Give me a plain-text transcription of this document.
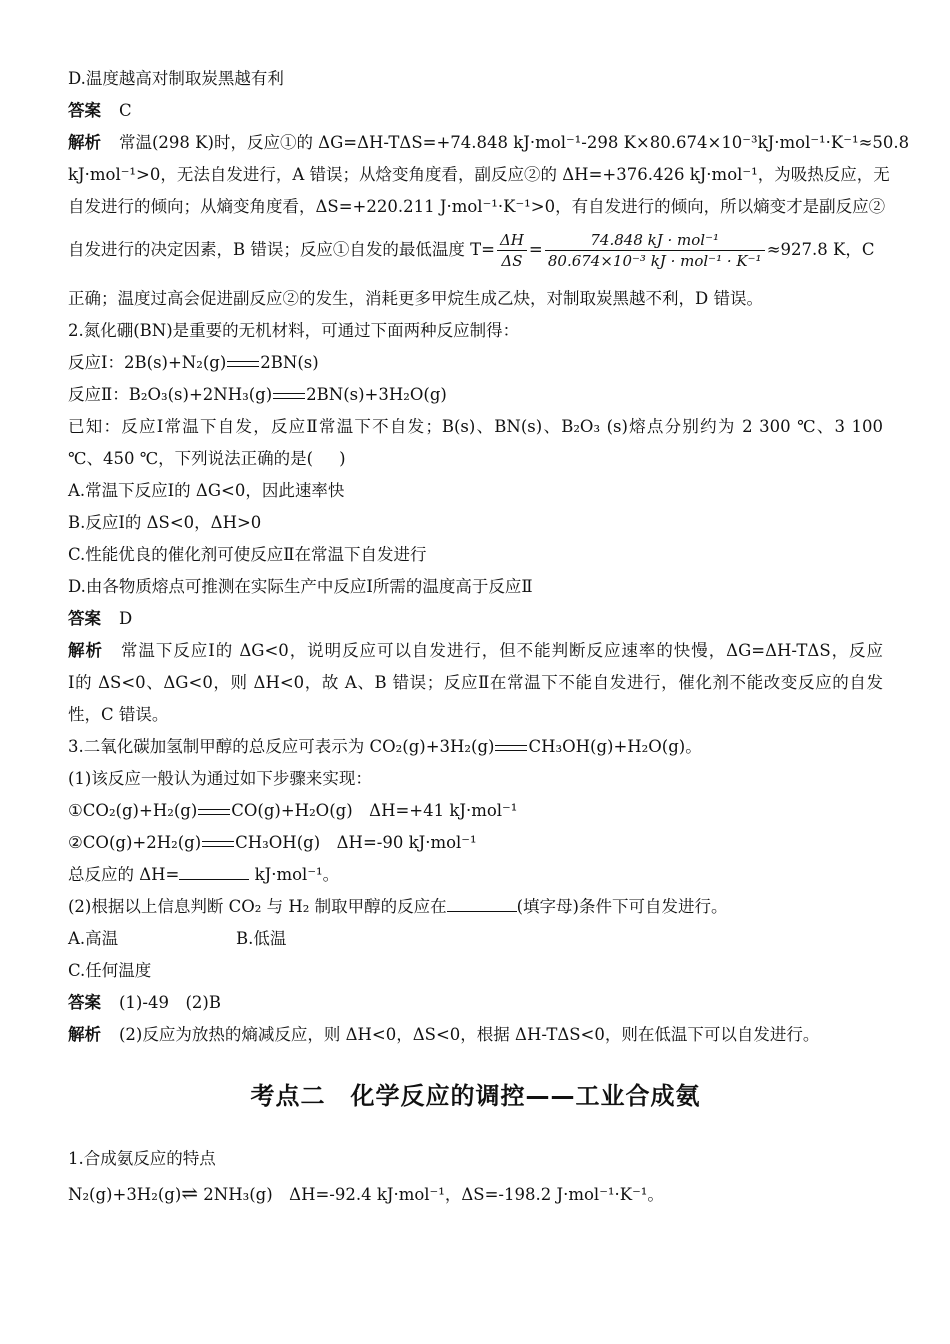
D.温度越高对制取炭黑越有利
答案 C
解析 常温(298 K)时，反应①的 ΔG=ΔH-TΔS=+74.848 kJ·mol⁻¹-298 K×80.674×10⁻³kJ·mol⁻¹·K⁻¹≈50.8
kJ·mol⁻¹>0，无法自发进行，A 错误；从焓变角度看，副反应②的 ΔH=+376.426 kJ·mol⁻¹，为吸热反应，无
自发进行的倾向；从熵变角度看，ΔS=+220.211 J·mol⁻¹·K⁻¹>0，有自发进行的倾向，所以熵变才是副反应②
自发进行的决定因素，B 错误；反应①自发的最低温度 $T= \frac{\Delta H}{\Delta S} = \frac{\text{74.848 kJ · mol⁻¹}}{\text{80.674×10⁻³ kJ · mol⁻¹ · K⁻¹}} \approx 927.8$ K，C
正确；温度过高会促进副反应②的发生，消耗更多甲烷生成乙炔，对制取炭黑越不利，D 错误。
2.氮化硼(BN)是重要的无机材料，可通过下面两种反应制得：
反应Ⅰ：2B(s)+N₂(g) 2BN(s)
反应Ⅱ：B₂O₃(s)+2NH₃(g) 2BN(s)+3H₂O(g)
已知：反应Ⅰ常温下自发，反应Ⅱ常温下不自发；B(s)、BN(s)、B₂O₃ (s)熔点分别约为 2 300 ℃、3 100
℃、450 ℃，下列说法正确的是( )
A.常温下反应Ⅰ的 ΔG<0，因此速率快
B.反应Ⅰ的 ΔS<0，ΔH>0
C.性能优良的催化剂可使反应Ⅱ在常温下自发进行
D.由各物质熔点可推测在实际生产中反应Ⅰ所需的温度高于反应Ⅱ
答案 D
解析 常温下反应Ⅰ的 ΔG<0，说明反应可以自发进行，但不能判断反应速率的快慢，ΔG=ΔH-TΔS，反应
Ⅰ的 ΔS<0、ΔG<0，则 ΔH<0，故 A、B 错误；反应Ⅱ在常温下不能自发进行，催化剂不能改变反应的自发
性，C 错误。
3.二氧化碳加氢制甲醇的总反应可表示为 CO₂(g)+3H₂(g) CH₃OH(g)+H₂O(g)。
(1)该反应一般认为通过如下步骤来实现：
①CO₂(g)+H₂(g) CO(g)+H₂O(g)　ΔH=+41 kJ·mol⁻¹
②CO(g)+2H₂(g) CH₃OH(g)　ΔH=-90 kJ·mol⁻¹
总反应的 ΔH=	kJ·mol⁻¹。
(2)根据以上信息判断 CO₂ 与 H₂ 制取甲醇的反应在	(填字母)条件下可自发进行。
A.高温	B.低温
C.任何温度
答案 (1)-49　(2)B
解析 (2)反应为放热的熵减反应，则 ΔH<0，ΔS<0，根据 ΔH-TΔS<0，则在低温下可以自发进行。
考点二　化学反应的调控——工业合成氨
1.合成氨反应的特点
N₂(g)+3H₂(g)⇌ 2NH₃(g)　ΔH=-92.4 kJ·mol⁻¹，ΔS=-198.2 J·mol⁻¹·K⁻¹。
